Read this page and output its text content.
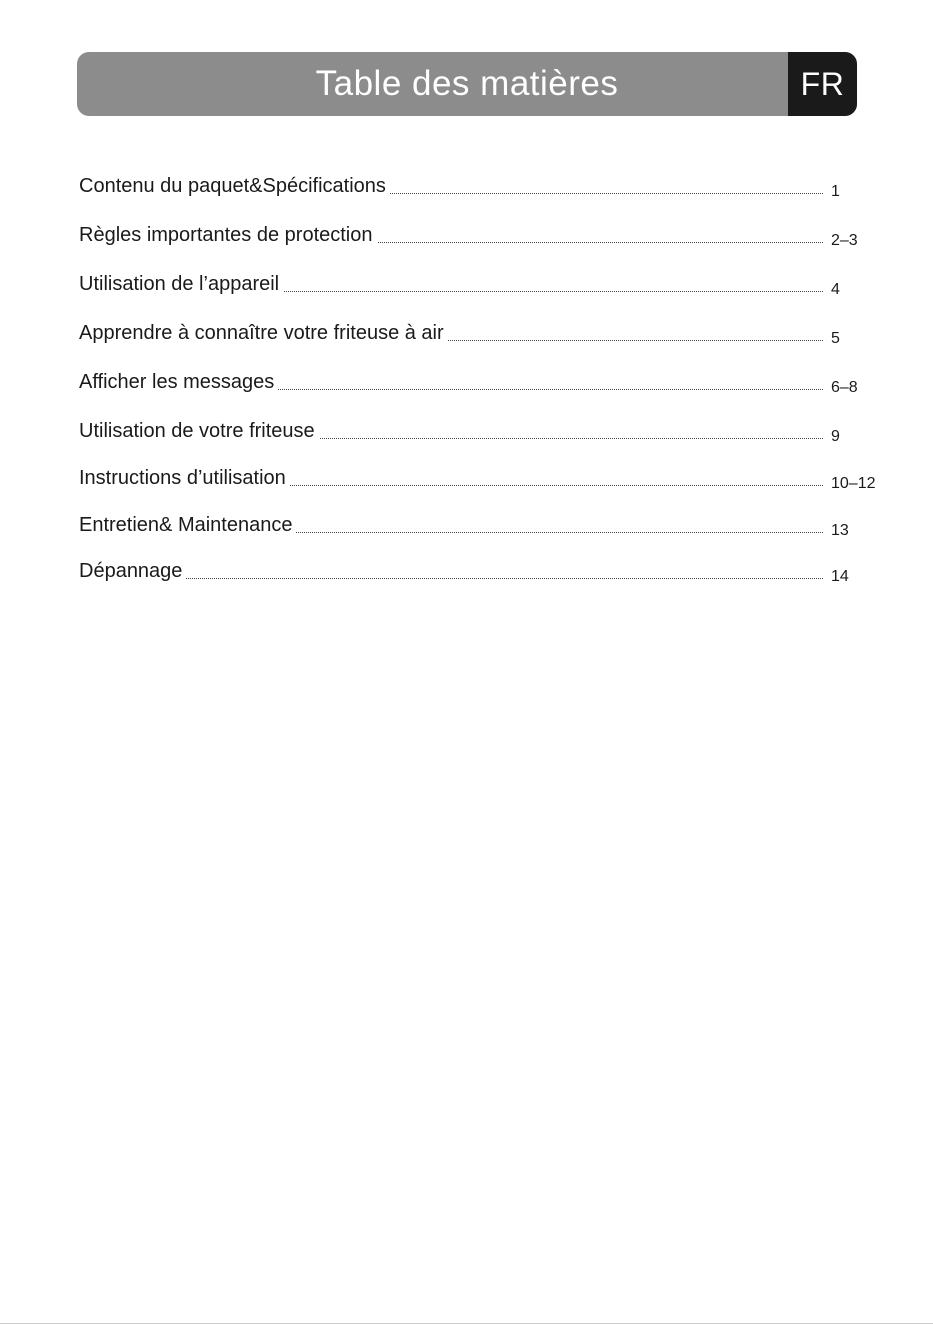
Table des matières	FR
Contenu du paquet&Spécifications	1
Règles importantes de protection	2–3
Utilisation de l’appareil	4
Apprendre à connaître votre friteuse à air	5
Afficher les messages	6–8
Utilisation de votre friteuse	9
Instructions d’utilisation	10–12
Entretien& Maintenance	13
Dépannage	14
